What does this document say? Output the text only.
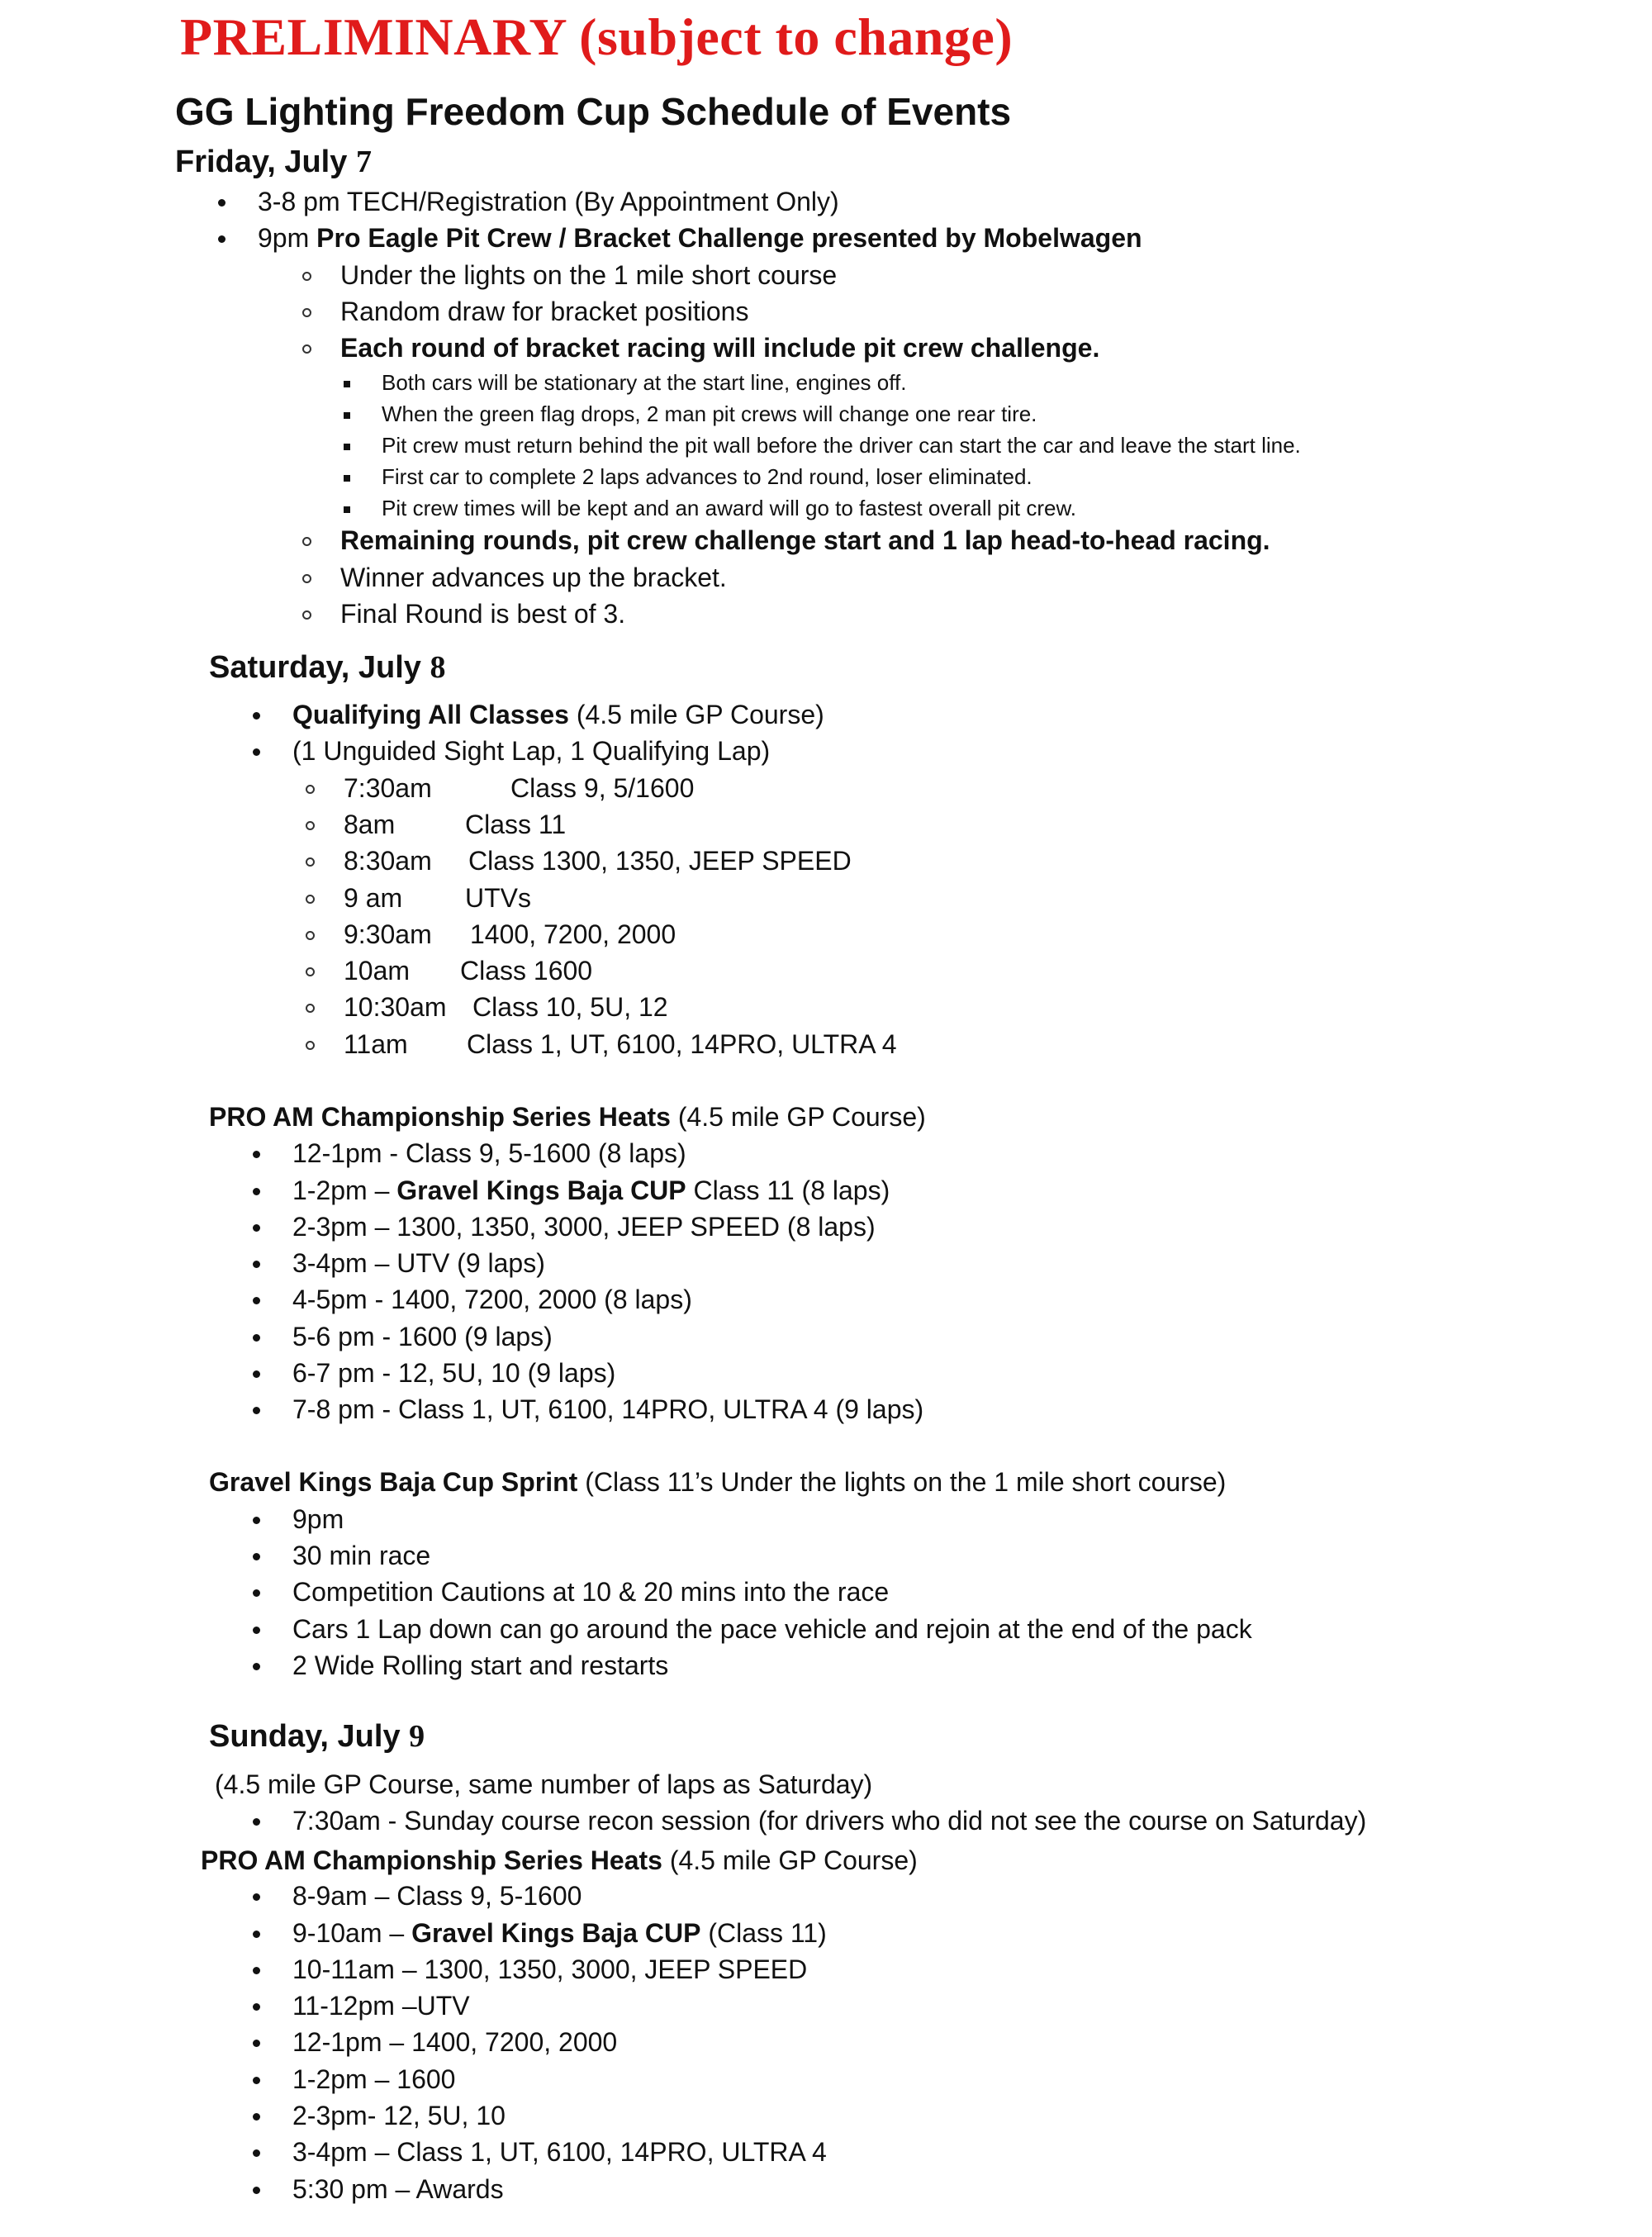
PRELIMINARY (subject to change)
GG Lighting Freedom Cup Schedule of Events
Friday, July 7
3-8 pm TECH/Registration (By Appointment Only)
9pm Pro Eagle Pit Crew / Bracket Challenge presented by Mobelwagen
Under the lights on the 1 mile short course
Random draw for bracket positions
Each round of bracket racing will include pit crew challenge.
Both cars will be stationary at the start line, engines off.
When the green flag drops, 2 man pit crews will change one rear tire.
Pit crew must return behind the pit wall before the driver can start the car and leave the start line.
First car to complete 2 laps advances to 2nd round, loser eliminated.
Pit crew times will be kept and an award will go to fastest overall pit crew.
Remaining rounds, pit crew challenge start and 1 lap head-to-head racing.
Winner advances up the bracket.
Final Round is best of 3.
Saturday, July 8
Qualifying All Classes (4.5 mile GP Course)
(1 Unguided Sight Lap, 1 Qualifying Lap)
7:30am	Class 9, 5/1600
8am	Class 11
8:30am Class 1300, 1350, JEEP SPEED
9 am UTVs
9:30am 1400, 7200, 2000
10am Class 1600
10:30am Class 10, 5U, 12
11am Class 1, UT, 6100, 14PRO, ULTRA 4
PRO AM Championship Series Heats (4.5 mile GP Course)
12-1pm - Class 9, 5-1600 (8 laps)
1-2pm – Gravel Kings Baja CUP Class 11 (8 laps)
2-3pm – 1300, 1350, 3000, JEEP SPEED (8 laps)
3-4pm – UTV (9 laps)
4-5pm - 1400, 7200, 2000 (8 laps)
5-6 pm - 1600 (9 laps)
6-7 pm - 12, 5U, 10 (9 laps)
7-8 pm - Class 1, UT, 6100, 14PRO, ULTRA 4 (9 laps)
Gravel Kings Baja Cup Sprint (Class 11’s Under the lights on the 1 mile short course)
9pm
30 min race
Competition Cautions at 10 & 20 mins into the race
Cars 1 Lap down can go around the pace vehicle and rejoin at the end of the pack
2 Wide Rolling start and restarts
Sunday, July 9
(4.5 mile GP Course, same number of laps as Saturday)
7:30am - Sunday course recon session (for drivers who did not see the course on Saturday)
PRO AM Championship Series Heats (4.5 mile GP Course)
8-9am – Class 9, 5-1600
9-10am – Gravel Kings Baja CUP (Class 11)
10-11am – 1300, 1350, 3000, JEEP SPEED
11-12pm –UTV
12-1pm – 1400, 7200, 2000
1-2pm – 1600
2-3pm- 12, 5U, 10
3-4pm – Class 1, UT, 6100, 14PRO, ULTRA 4
5:30 pm – Awards
